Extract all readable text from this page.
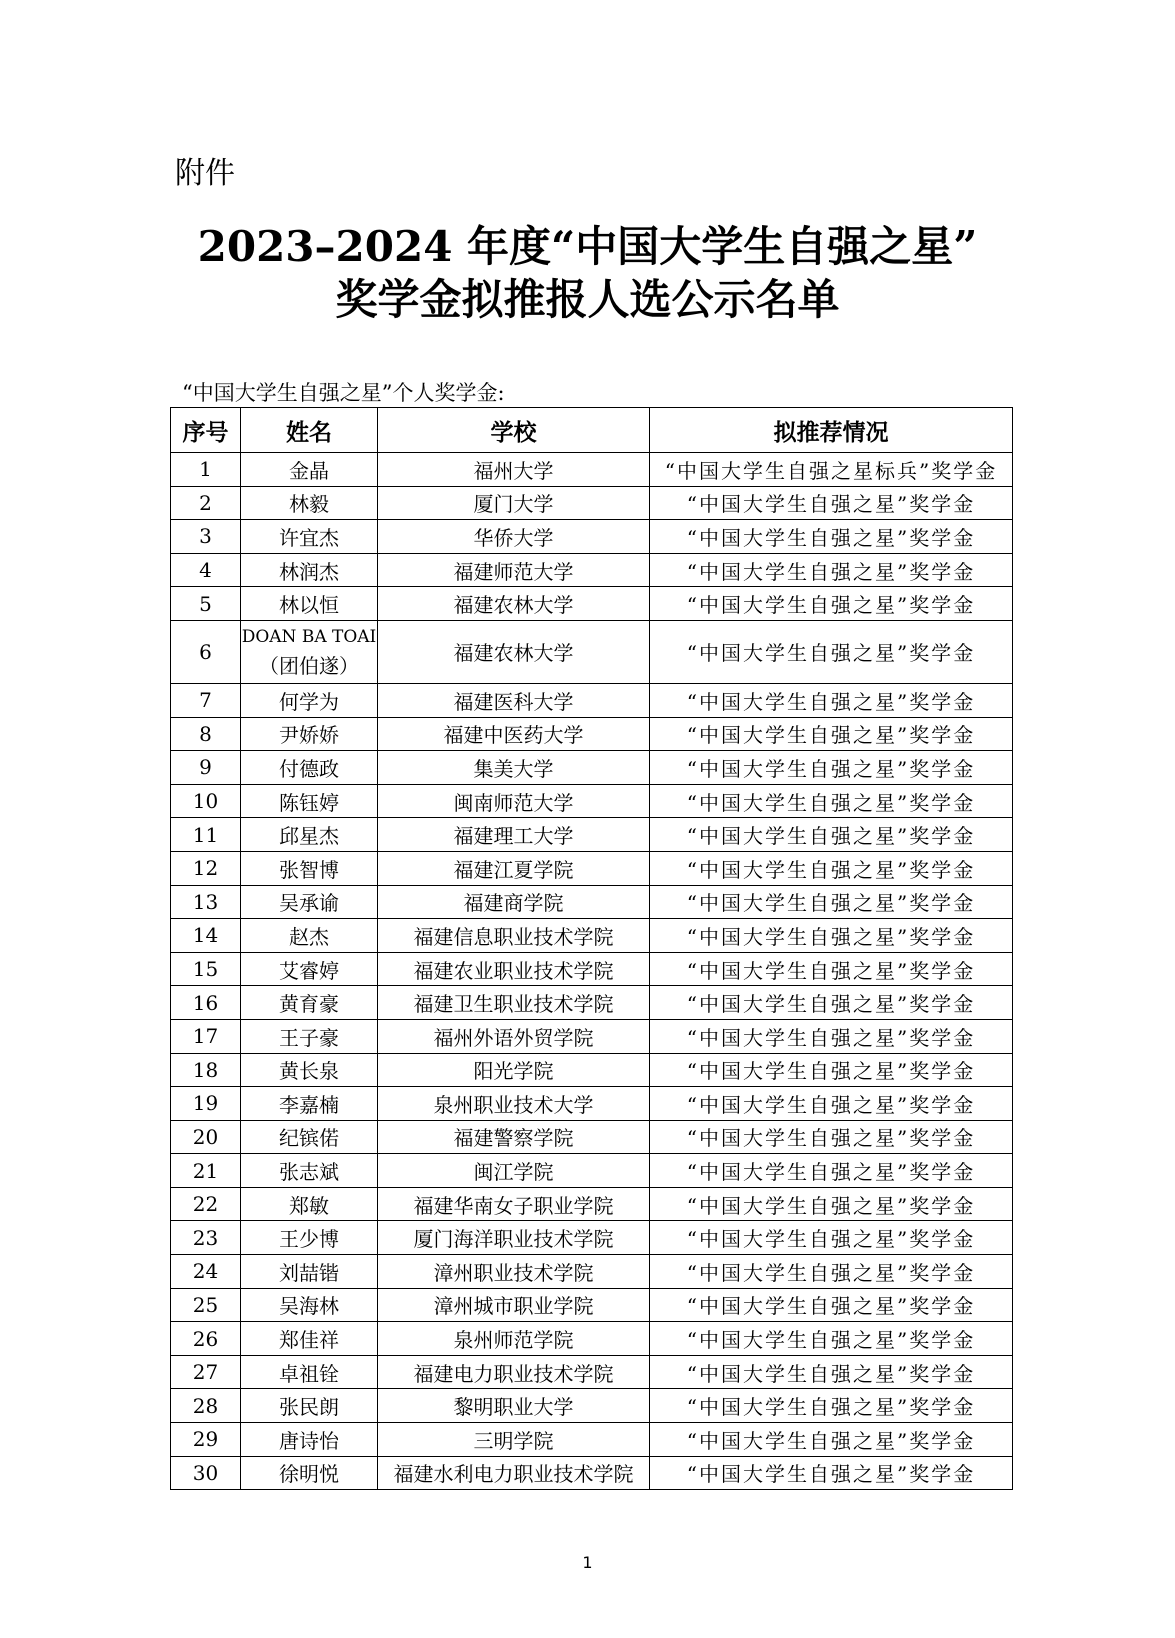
附件
2023–2024 年度“中国大学生自强之星”
奖学金拟推报人选公示名单
“中国大学生自强之星”个人奖学金:
序号	姓名	学校	拟推荐情况
1	金晶	福州大学	“中国大学生自强之星标兵”奖学金
2	林毅	厦门大学	“中国大学生自强之星”奖学金
3	许宜杰	华侨大学	“中国大学生自强之星”奖学金
4	林润杰	福建师范大学	“中国大学生自强之星”奖学金
5	林以恒	福建农林大学	“中国大学生自强之星”奖学金
6	DOAN BA TOAI
（团伯遂）	福建农林大学	“中国大学生自强之星”奖学金
7	何学为	福建医科大学	“中国大学生自强之星”奖学金
8	尹娇娇	福建中医药大学	“中国大学生自强之星”奖学金
9	付德政	集美大学	“中国大学生自强之星”奖学金
10	陈钰婷	闽南师范大学	“中国大学生自强之星”奖学金
11	邱星杰	福建理工大学	“中国大学生自强之星”奖学金
12	张智博	福建江夏学院	“中国大学生自强之星”奖学金
13	吴承谕	福建商学院	“中国大学生自强之星”奖学金
14	赵杰	福建信息职业技术学院	“中国大学生自强之星”奖学金
15	艾睿婷	福建农业职业技术学院	“中国大学生自强之星”奖学金
16	黄育豪	福建卫生职业技术学院	“中国大学生自强之星”奖学金
17	王子豪	福州外语外贸学院	“中国大学生自强之星”奖学金
18	黄长泉	阳光学院	“中国大学生自强之星”奖学金
19	李嘉楠	泉州职业技术大学	“中国大学生自强之星”奖学金
20	纪镔偌	福建警察学院	“中国大学生自强之星”奖学金
21	张志斌	闽江学院	“中国大学生自强之星”奖学金
22	郑敏	福建华南女子职业学院	“中国大学生自强之星”奖学金
23	王少博	厦门海洋职业技术学院	“中国大学生自强之星”奖学金
24	刘喆锴	漳州职业技术学院	“中国大学生自强之星”奖学金
25	吴海林	漳州城市职业学院	“中国大学生自强之星”奖学金
26	郑佳祥	泉州师范学院	“中国大学生自强之星”奖学金
27	卓祖铨	福建电力职业技术学院	“中国大学生自强之星”奖学金
28	张民朗	黎明职业大学	“中国大学生自强之星”奖学金
29	唐诗怡	三明学院	“中国大学生自强之星”奖学金
30	徐明悦	福建水利电力职业技术学院	“中国大学生自强之星”奖学金
1
